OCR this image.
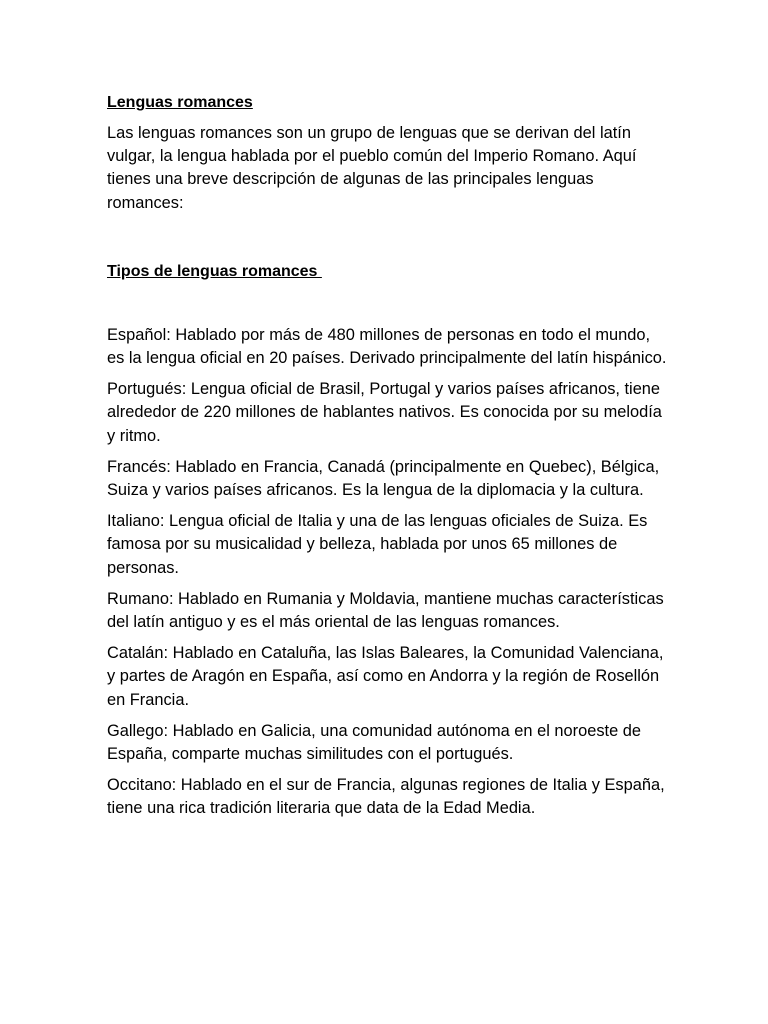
Lenguas romances

Las lenguas romances son un grupo de lenguas que se derivan del latín vulgar, la lengua hablada por el pueblo común del Imperio Romano. Aquí tienes una breve descripción de algunas de las principales lenguas romances:

Tipos de lenguas romances

Español: Hablado por más de 480 millones de personas en todo el mundo, es la lengua oficial en 20 países. Derivado principalmente del latín hispánico.

Portugués: Lengua oficial de Brasil, Portugal y varios países africanos, tiene alrededor de 220 millones de hablantes nativos. Es conocida por su melodía y ritmo.

Francés: Hablado en Francia, Canadá (principalmente en Quebec), Bélgica, Suiza y varios países africanos. Es la lengua de la diplomacia y la cultura.

Italiano: Lengua oficial de Italia y una de las lenguas oficiales de Suiza. Es famosa por su musicalidad y belleza, hablada por unos 65 millones de personas.

Rumano: Hablado en Rumania y Moldavia, mantiene muchas características del latín antiguo y es el más oriental de las lenguas romances.

Catalán: Hablado en Cataluña, las Islas Baleares, la Comunidad Valenciana, y partes de Aragón en España, así como en Andorra y la región de Rosellón en Francia.

Gallego: Hablado en Galicia, una comunidad autónoma en el noroeste de España, comparte muchas similitudes con el portugués.

Occitano: Hablado en el sur de Francia, algunas regiones de Italia y España, tiene una rica tradición literaria que data de la Edad Media.
